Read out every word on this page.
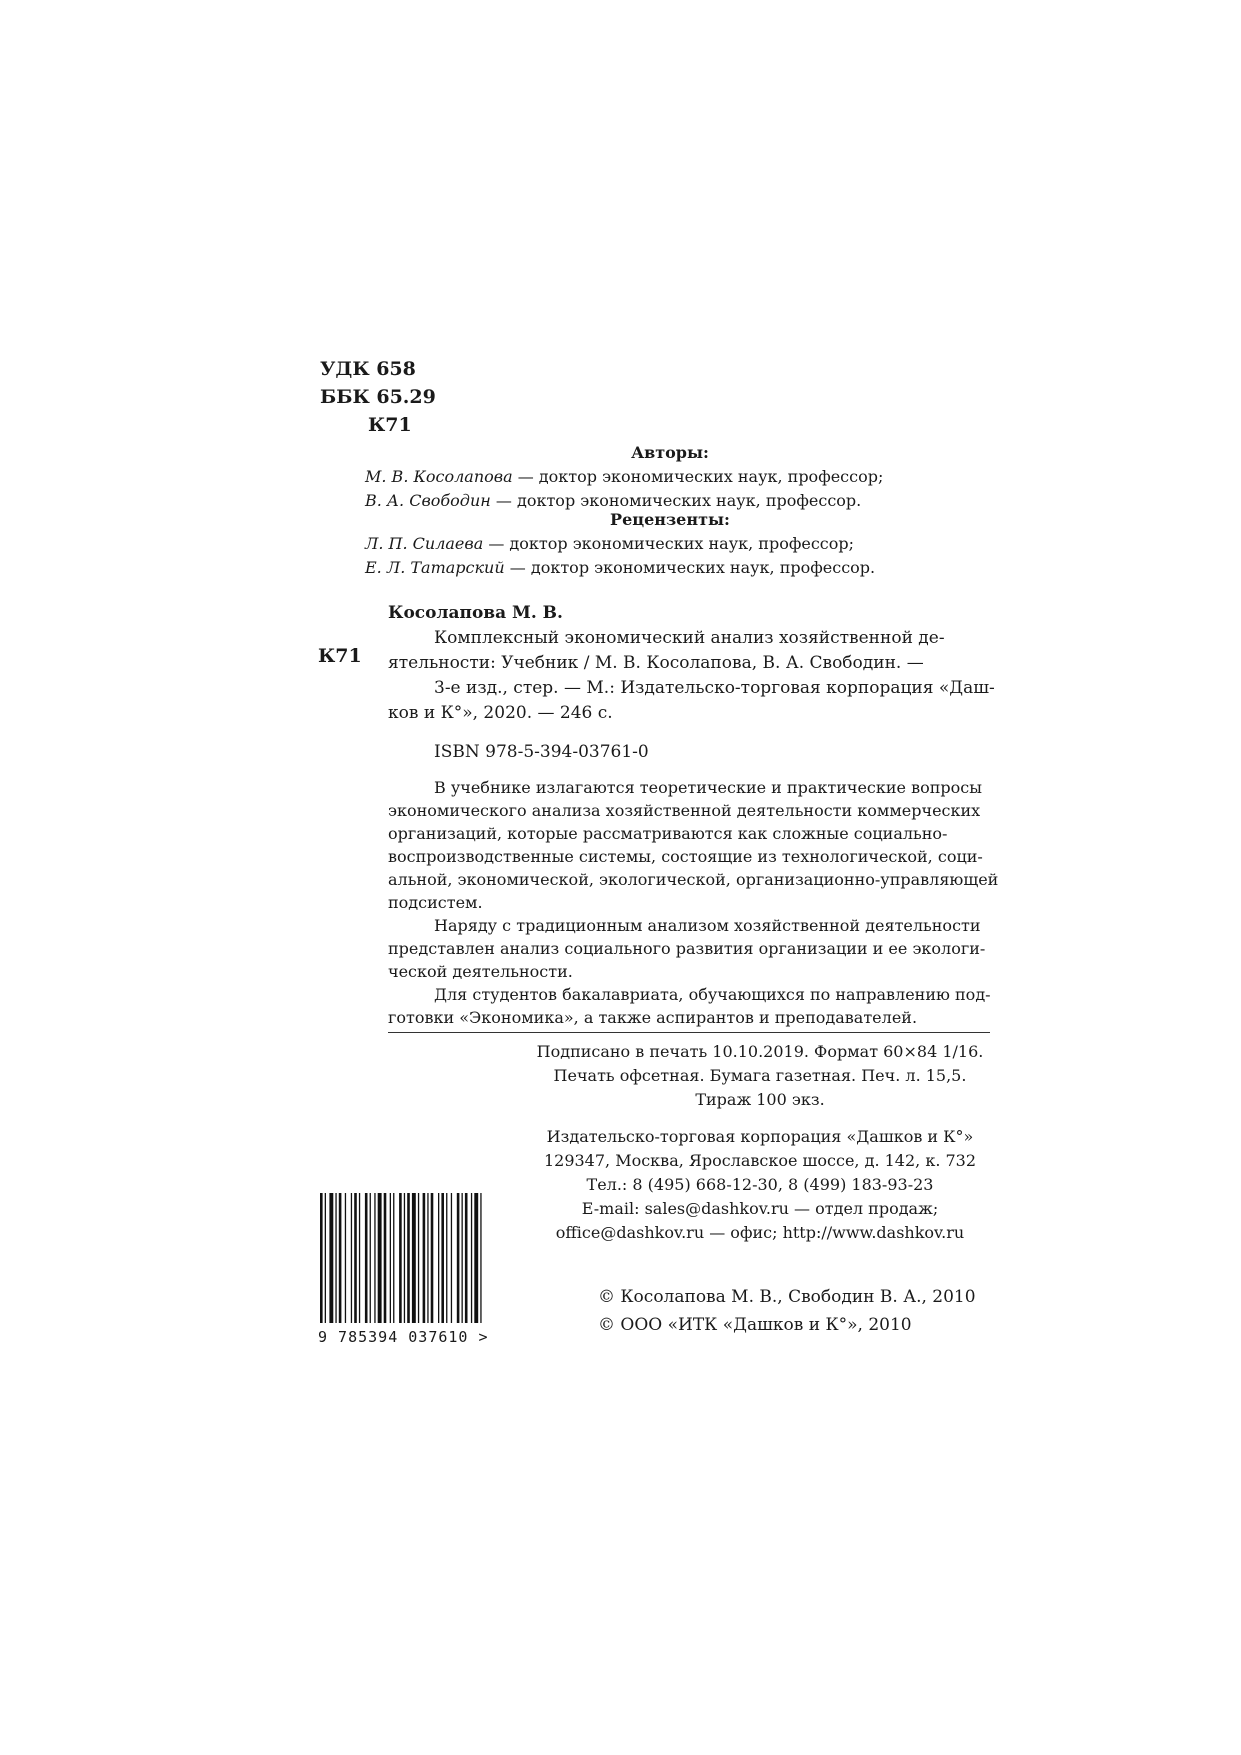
УДК 658
ББК 65.29
К71
Авторы:
М. В. Косолапова — доктор экономических наук, профессор;
В. А. Свободин — доктор экономических наук, профессор.
Рецензенты:
Л. П. Силаева — доктор экономических наук, профессор;
Е. Л. Татарский — доктор экономических наук, профессор.
Косолапова М. В.
К71
Комплексный экономический анализ хозяйственной де-
ятельности: Учебник / М. В. Косолапова, В. А. Свободин. —
3-е изд., стер. — М.: Издательско-торговая корпорация «Даш-
ков и К°», 2020. — 246 с.
ISBN 978-5-394-03761-0
В учебнике излагаются теоретические и практические вопросы
экономического анализа хозяйственной деятельности коммерческих
организаций, которые рассматриваются как сложные социально-
воспроизводственные системы, состоящие из технологической, соци-
альной, экономической, экологической, организационно-управляющей
подсистем.
Наряду с традиционным анализом хозяйственной деятельности
представлен анализ социального развития организации и ее экологи-
ческой деятельности.
Для студентов бакалавриата, обучающихся по направлению под-
готовки «Экономика», а также аспирантов и преподавателей.
Подписано в печать 10.10.2019. Формат 60×84 1/16.
Печать офсетная. Бумага газетная. Печ. л. 15,5.
Тираж 100 экз.
Издательско-торговая корпорация «Дашков и К°»
129347, Москва, Ярославское шоссе, д. 142, к. 732
Тел.: 8 (495) 668-12-30, 8 (499) 183-93-23
E-mail: sales@dashkov.ru — отдел продаж;
office@dashkov.ru — офис; http://www.dashkov.ru
9 785394 037610 >
© Косолапова М. В., Свободин В. А., 2010
© ООО «ИТК «Дашков и К°», 2010
